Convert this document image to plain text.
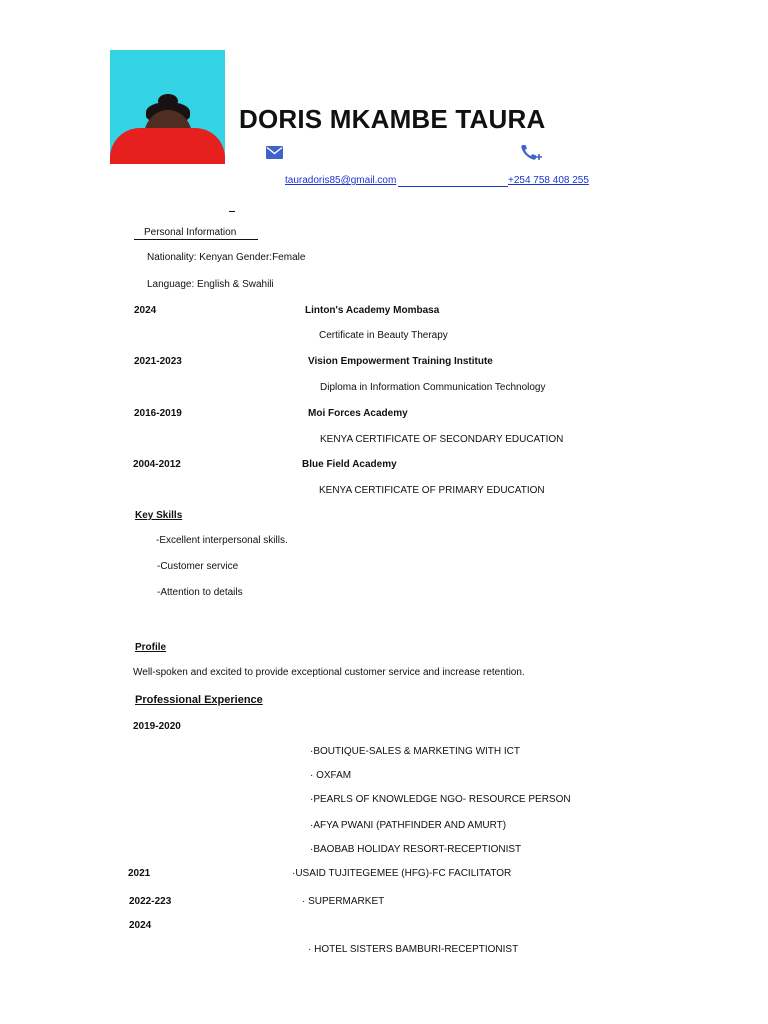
DORIS MKAMBE TAURA
tauradoris85@gmail.com	+254 758 408 255
Personal Information
Nationality: Kenyan Gender:Female
Language: English & Swahili
2024	Linton's Academy Mombasa
Certificate in Beauty Therapy
2021-2023	Vision Empowerment Training Institute
Diploma in Information Communication Technology
2016-2019	Moi Forces Academy
KENYA CERTIFICATE OF SECONDARY EDUCATION
2004-2012	Blue Field Academy
KENYA CERTIFICATE OF PRIMARY EDUCATION
Key Skills
-Excellent interpersonal skills.
-Customer service
-Attention to details
Profile
Well-spoken and excited to provide exceptional customer service and increase retention.
Professional Experience
2019-2020
·BOUTIQUE-SALES & MARKETING WITH ICT
· OXFAM
·PEARLS OF KNOWLEDGE NGO- RESOURCE PERSON
·AFYA PWANI (PATHFINDER AND AMURT)
·BAOBAB HOLIDAY RESORT-RECEPTIONIST
2021	·USAID TUJITEGEMEE (HFG)-FC FACILITATOR
2022-223	· SUPERMARKET
2024
· HOTEL SISTERS BAMBURI-RECEPTIONIST
